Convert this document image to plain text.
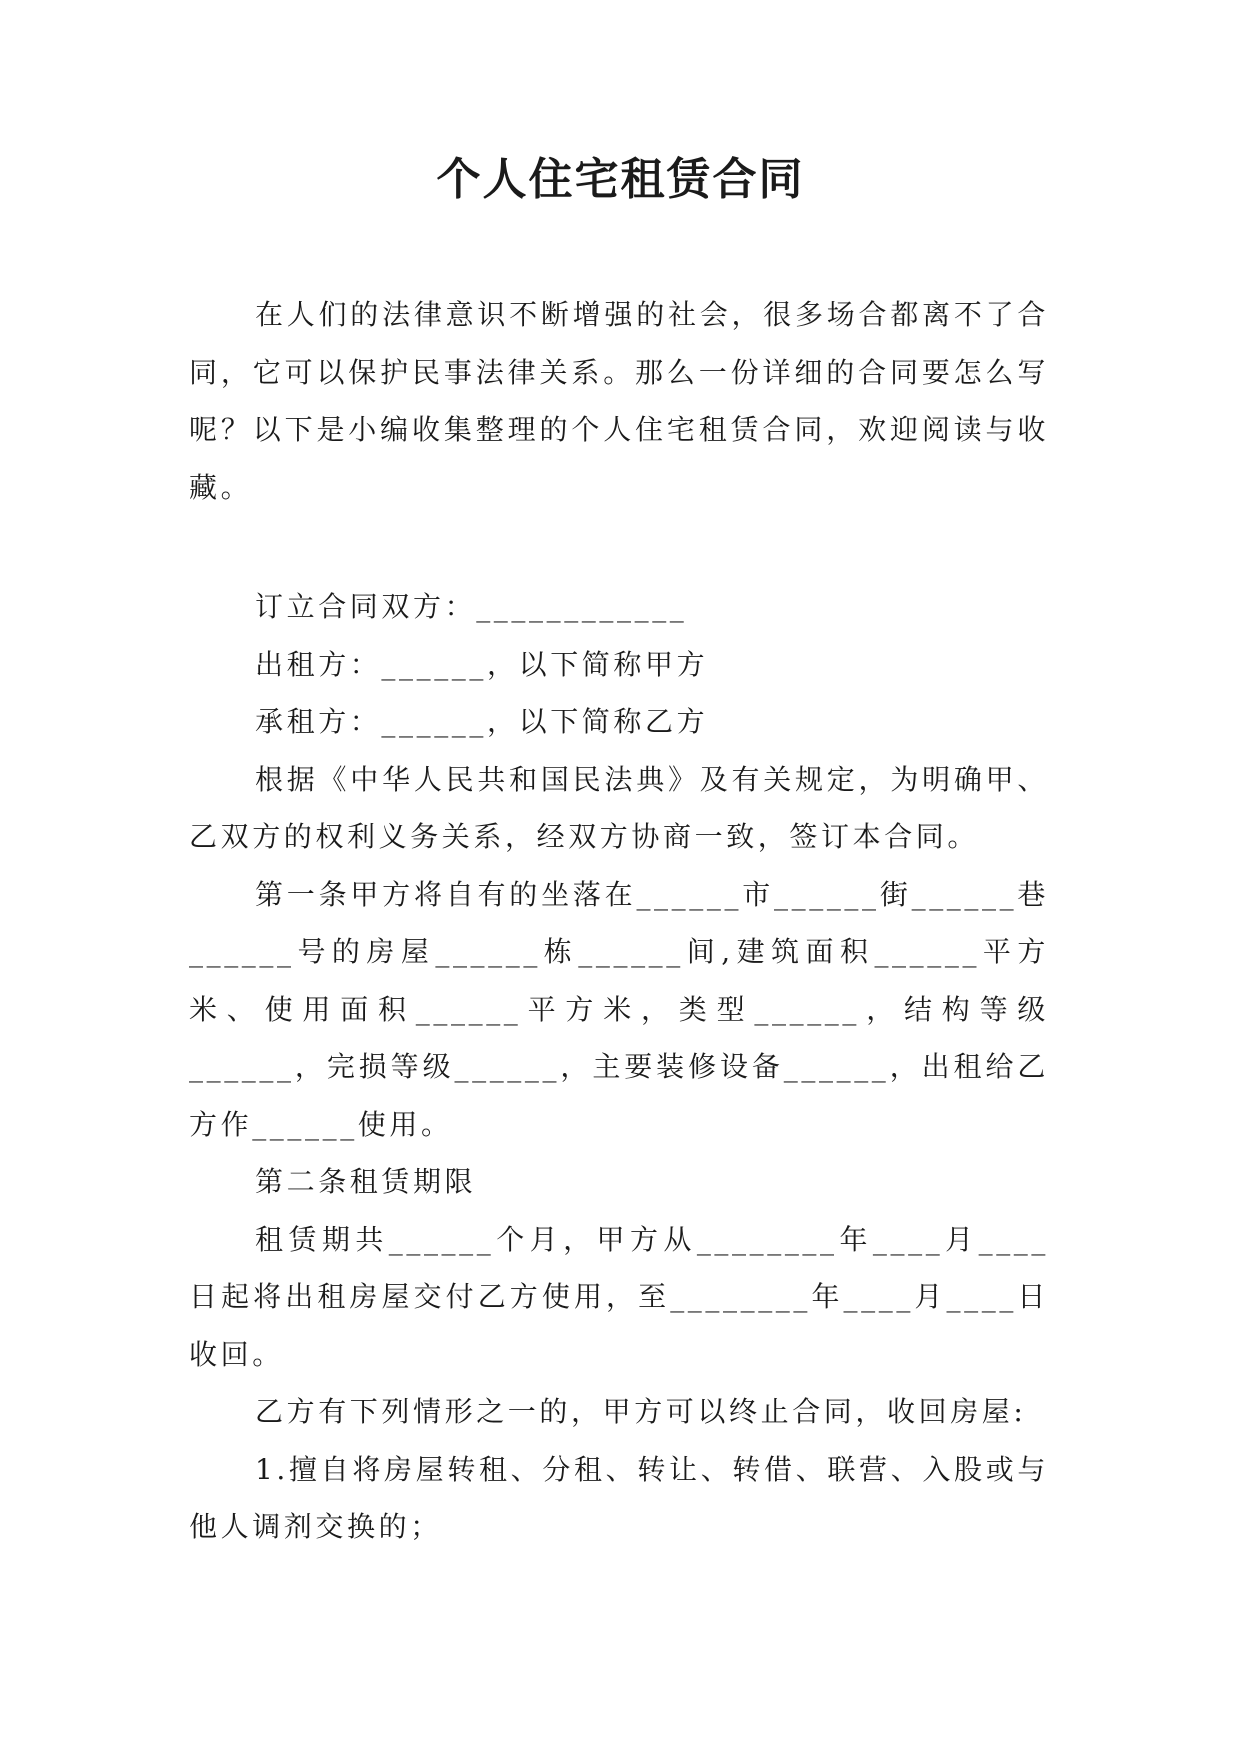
个人住宅租赁合同

在人们的法律意识不断增强的社会，很多场合都离不了合同，它可以保护民事法律关系。那么一份详细的合同要怎么写呢？以下是小编收集整理的个人住宅租赁合同，欢迎阅读与收藏。

订立合同双方：____________

出租方：______，以下简称甲方

承租方：______，以下简称乙方

根据《中华人民共和国民法典》及有关规定，为明确甲、乙双方的权利义务关系，经双方协商一致，签订本合同。

第一条甲方将自有的坐落在______市______街______巷______号的房屋______栋______间,建筑面积______平方米、使用面积______平方米，类型______，结构等级______，完损等级______，主要装修设备______，出租给乙方作______使用。

第二条租赁期限

租赁期共______个月，甲方从________年____月____日起将出租房屋交付乙方使用，至________年____月____日收回。

乙方有下列情形之一的，甲方可以终止合同，收回房屋:

1.擅自将房屋转租、分租、转让、转借、联营、入股或与他人调剂交换的；
